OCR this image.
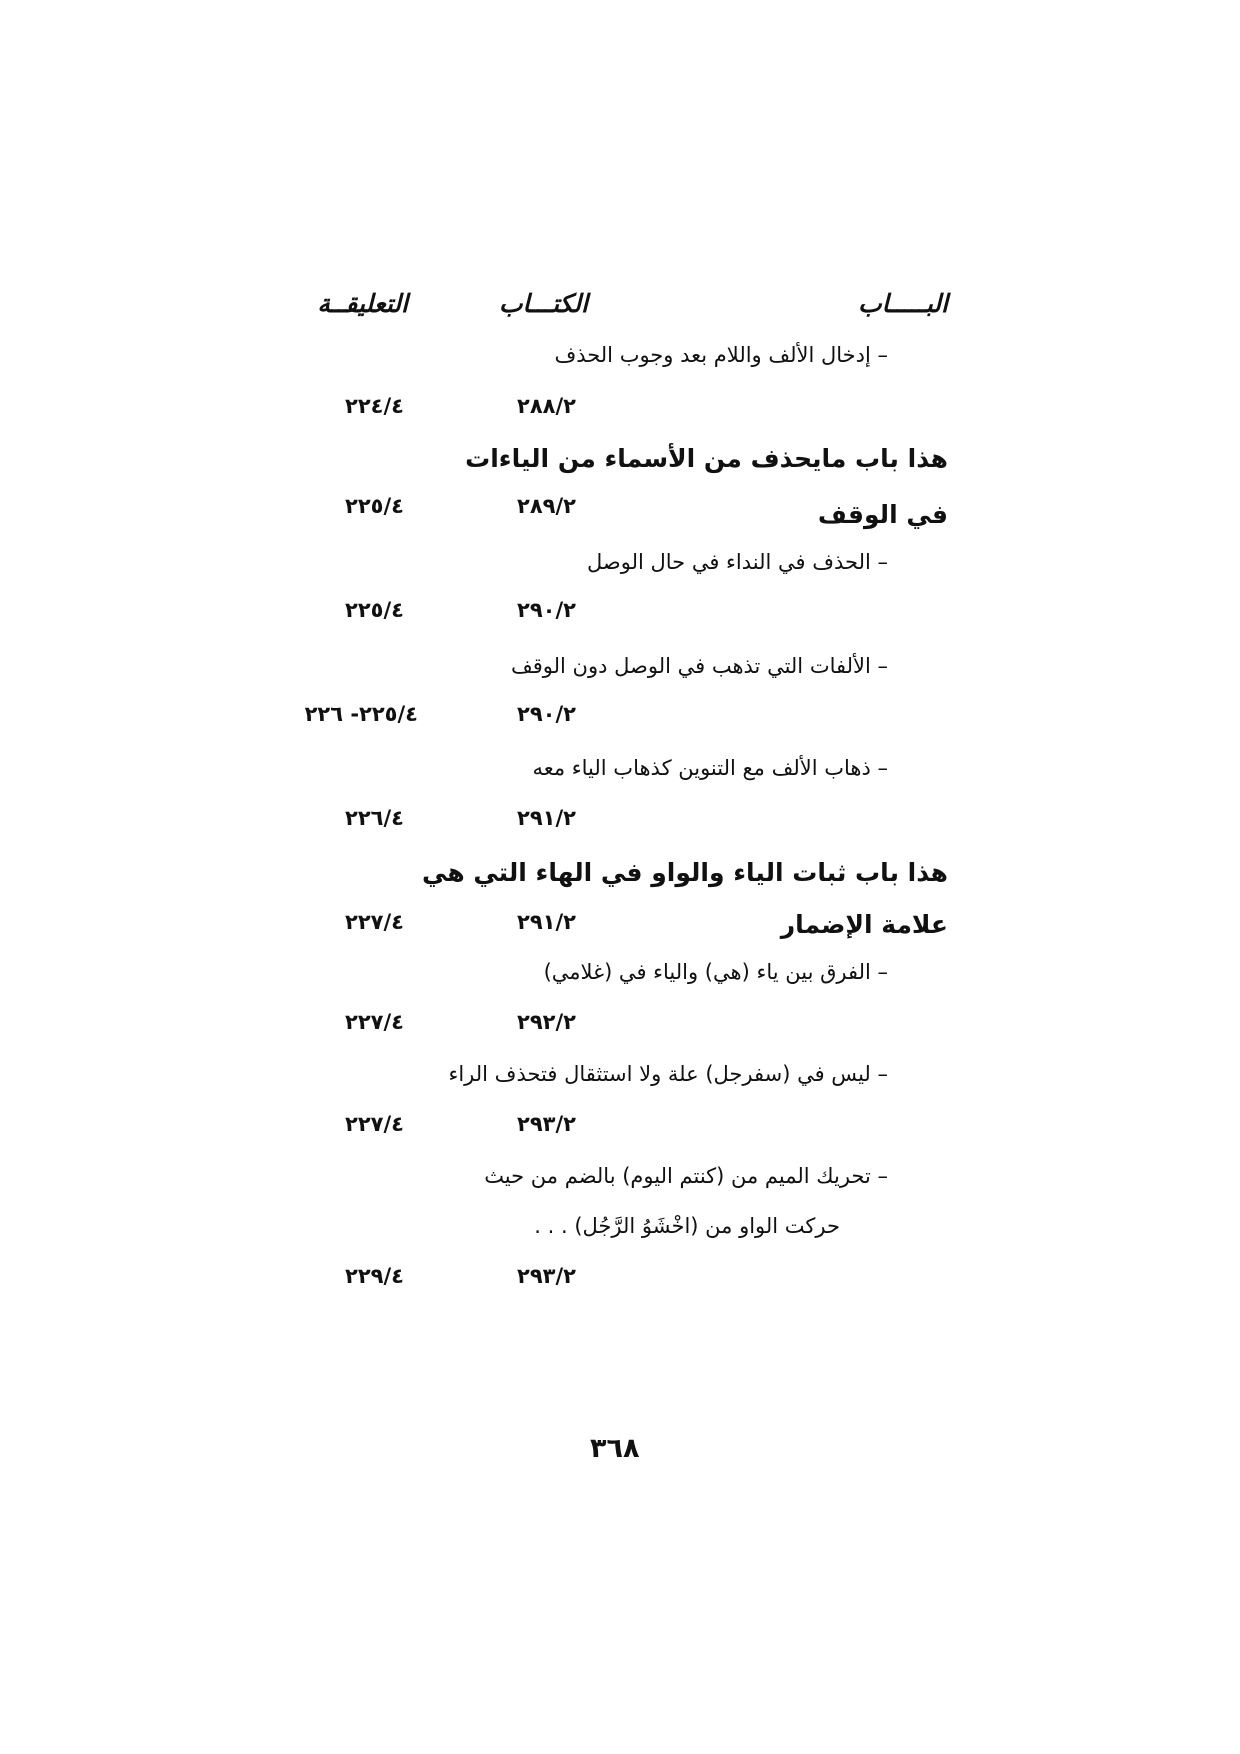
البـــــاب
الكتـــاب
التعليقــة
– إدخال الألف واللام بعد وجوب الحذف
٢٨٨/٢
٢٢٤/٤
هذا باب مايحذف من الأسماء من الياءات
في الوقف
٢٨٩/٢
٢٢٥/٤
– الحذف في النداء في حال الوصل
٢٩٠/٢
٢٢٥/٤
– الألفات التي تذهب في الوصل دون الوقف
٢٩٠/٢
٢٢٥/٤- ٢٢٦
– ذهاب الألف مع التنوين كذهاب الياء معه
٢٩١/٢
٢٢٦/٤
هذا باب ثبات الياء والواو في الهاء التي هي
علامة الإضمار
٢٩١/٢
٢٢٧/٤
– الفرق بين ياء (هي) والياء في (غلامي)
٢٩٢/٢
٢٢٧/٤
– ليس في (سفرجل) علة ولا استثقال فتحذف الراء
٢٩٣/٢
٢٢٧/٤
– تحريك الميم من (كنتم اليوم) بالضم من حيث
حركت الواو من (اخْشَوُ الرَّجُل) . . .
٢٩٣/٢
٢٢٩/٤
٣٦٨
